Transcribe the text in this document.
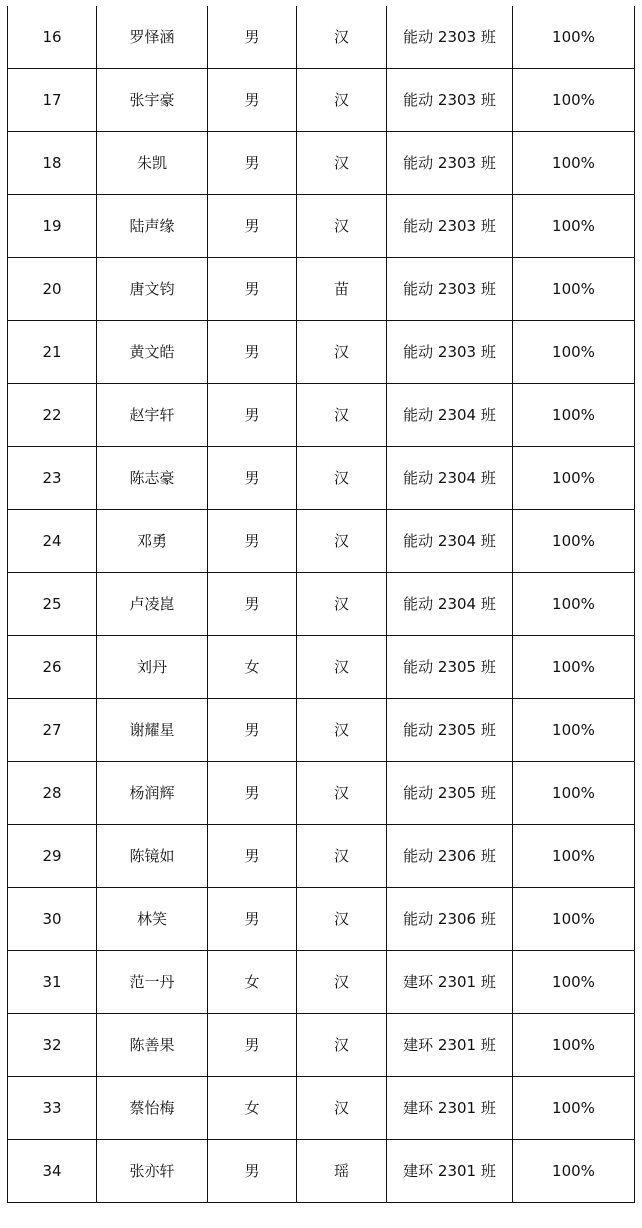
16	罗怿涵	男	汉	能动 2303 班	100%
17	张宇豪	男	汉	能动 2303 班	100%
18	朱凯	男	汉	能动 2303 班	100%
19	陆声缘	男	汉	能动 2303 班	100%
20	唐文钧	男	苗	能动 2303 班	100%
21	黄文皓	男	汉	能动 2303 班	100%
22	赵宇轩	男	汉	能动 2304 班	100%
23	陈志豪	男	汉	能动 2304 班	100%
24	邓勇	男	汉	能动 2304 班	100%
25	卢凌崑	男	汉	能动 2304 班	100%
26	刘丹	女	汉	能动 2305 班	100%
27	谢耀星	男	汉	能动 2305 班	100%
28	杨润辉	男	汉	能动 2305 班	100%
29	陈镜如	男	汉	能动 2306 班	100%
30	林笑	男	汉	能动 2306 班	100%
31	范一丹	女	汉	建环 2301 班	100%
32	陈善果	男	汉	建环 2301 班	100%
33	蔡怡梅	女	汉	建环 2301 班	100%
34	张亦轩	男	瑶	建环 2301 班	100%
